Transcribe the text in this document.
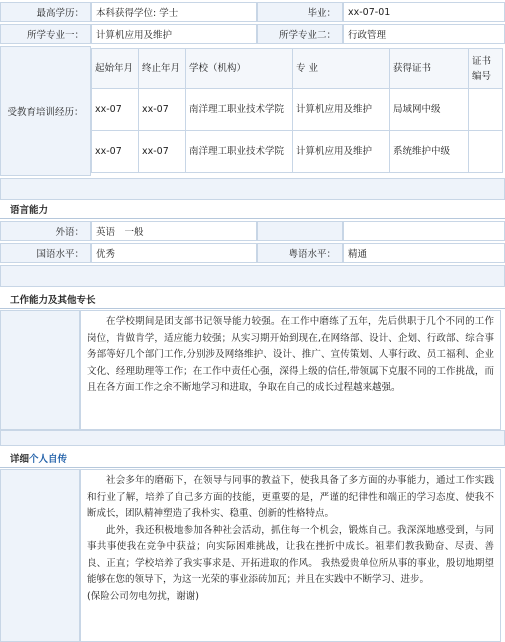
最高学历：	本科获得学位: 学士	毕业：	xx-07-01
所学专业一：	计算机应用及维护	所学专业二：	行政管理
受教育培训经历：
起始年月	终止年月	学校（机构）	专 业	获得证书	证书编号
xx-07	xx-07	南洋理工职业技术学院	计算机应用及维护	局域网中级	
xx-07	xx-07	南洋理工职业技术学院	计算机应用及维护	系统维护中级	
语言能力
外语：	英语　一般
国语水平：	优秀	粤语水平：	精通
工作能力及其他专长

在学校期间是团支部书记领导能力较强。在工作中磨练了五年，先后供职于几个不同的工作岗位，肯做肯学，适应能力较强；从实习期开始到现在,在网络部、设计、企划、行政部、综合事务部等好几个部门工作,分别涉及网络维护、设计、推广、宣传策划、人事行政、员工福利、企业文化、经理助理等工作；在工作中责任心强，深得上级的信任,带领属下克服不同的工作挑战，而且在各方面工作之余不断地学习和进取，争取在自己的成长过程越来越强。

详细 个人自传

社会多年的磨砺下，在领导与同事的教益下，使我具备了多方面的办事能力，通过工作实践和行业了解，培养了自己多方面的技能，更重要的是，严谨的纪律性和端正的学习态度、使我不断成长，团队精神塑造了我朴实、稳重、创新的性格特点。

此外，我还积极地参加各种社会活动，抓住每一个机会，锻炼自己。我深深地感受到，与同事共事使我在竞争中获益；向实际困难挑战，让我在挫折中成长。祖辈们教我勤奋、尽责、善良、正直；学校培养了我实事求是、开拓进取的作风。 我热爱贵单位所从事的事业，殷切地期望能够在您的领导下，为这一光荣的事业添砖加瓦；并且在实践中不断学习、进步。

(保险公司勿电勿扰，谢谢)
